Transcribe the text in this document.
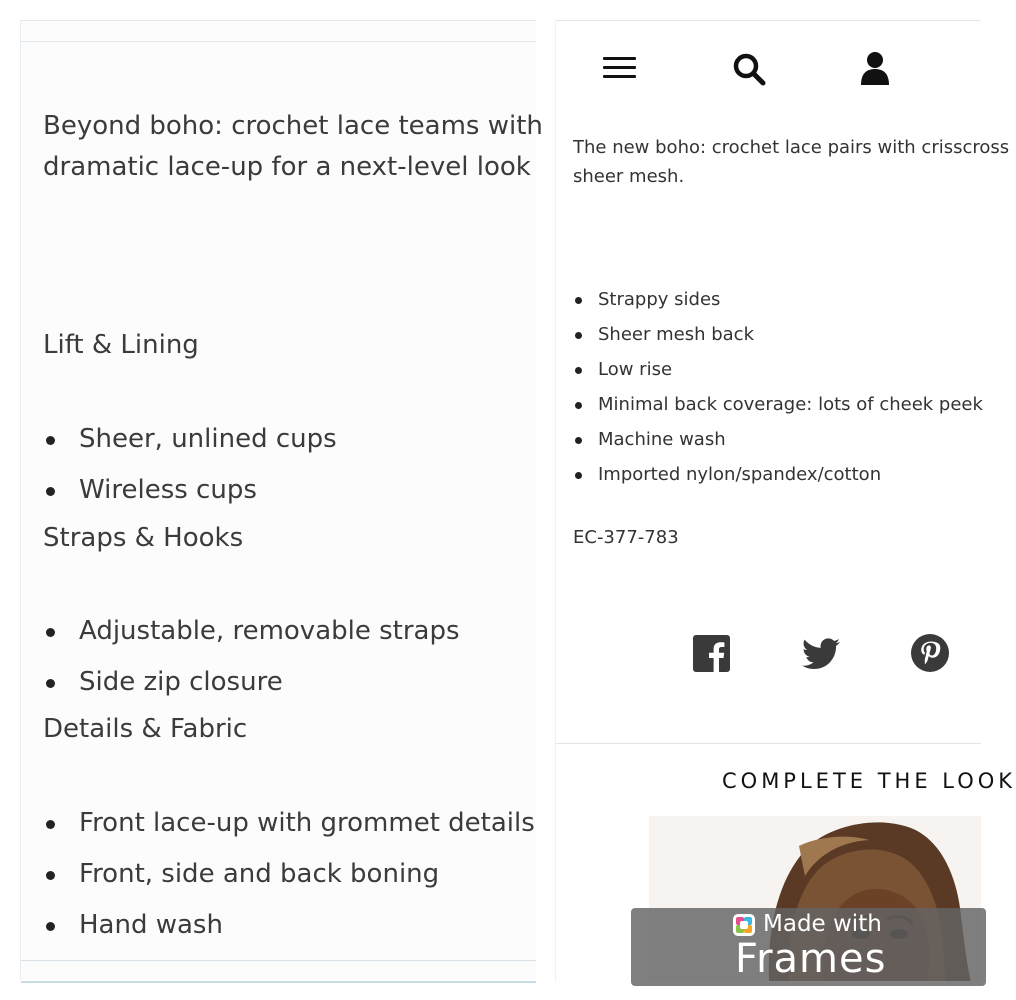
Beyond boho: crochet lace teams with
dramatic lace-up for a next-level look
Lift & Lining
Sheer, unlined cups
Wireless cups
Straps & Hooks
Adjustable, removable straps
Side zip closure
Details & Fabric
Front lace-up with grommet details
Front, side and back boning
Hand wash
The new boho: crochet lace pairs with crisscross
sheer mesh.
Strappy sides
Sheer mesh back
Low rise
Minimal back coverage: lots of cheek peek
Machine wash
Imported nylon/spandex/cotton
EC-377-783
COMPLETE THE LOOK
Made with
Frames
